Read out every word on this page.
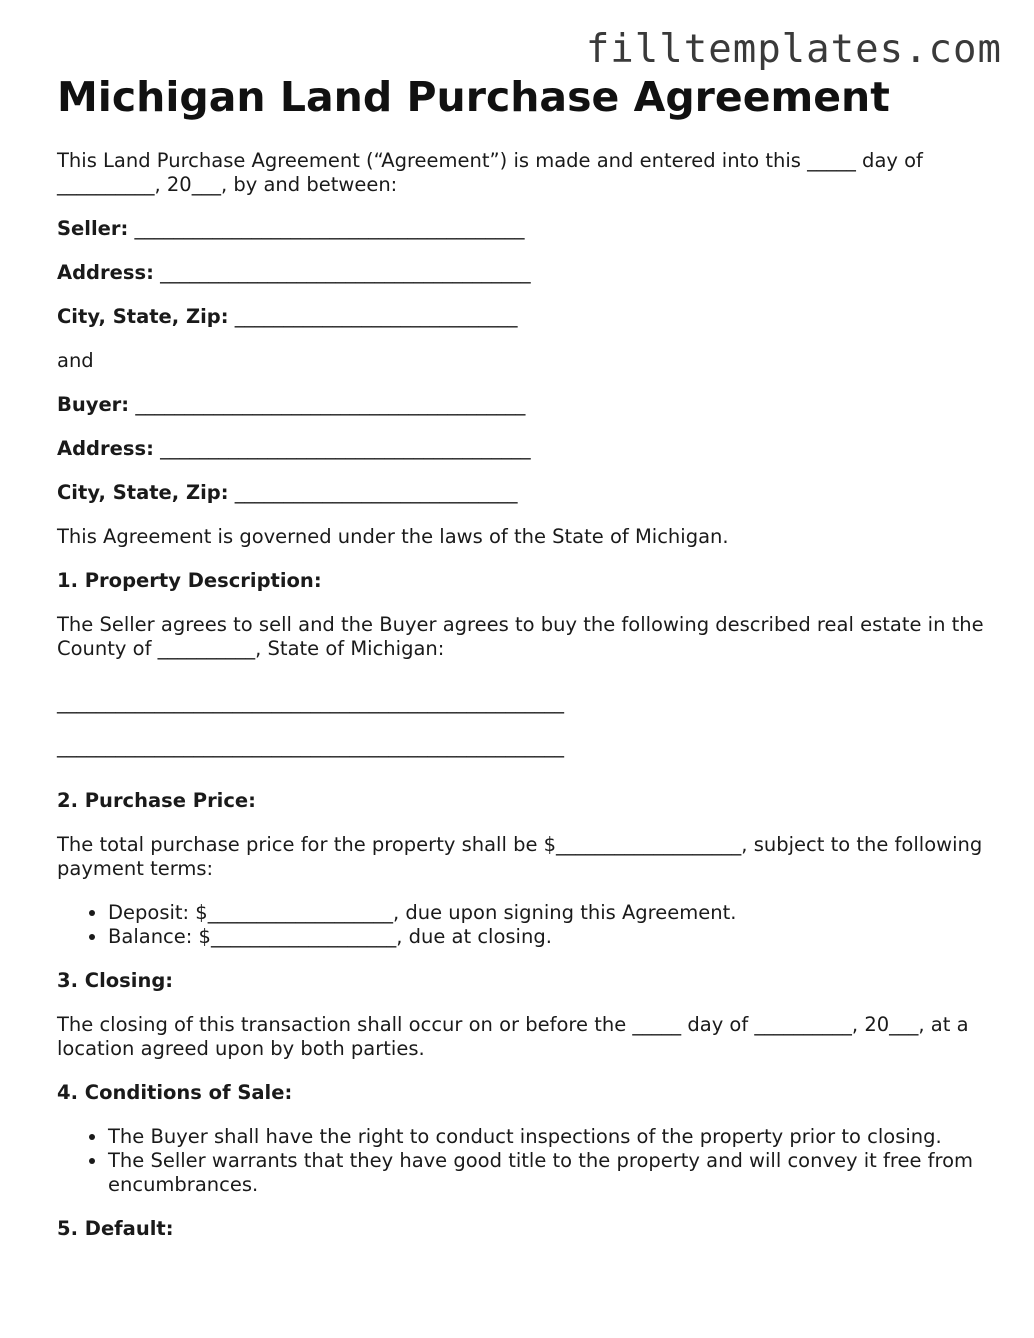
filltemplates.com
Michigan Land Purchase Agreement

This Land Purchase Agreement (“Agreement”) is made and entered into this _____ day of __________, 20___, by and between:

Seller: ________________________________________

Address: ______________________________________

City, State, Zip: _____________________________

and

Buyer: ________________________________________

Address: ______________________________________

City, State, Zip: _____________________________

This Agreement is governed under the laws of the State of Michigan.

1. Property Description:

The Seller agrees to sell and the Buyer agrees to buy the following described real estate in the County of __________, State of Michigan:

____________________________________________________

____________________________________________________

2. Purchase Price:

The total purchase price for the property shall be $___________________, subject to the following payment terms:

• Deposit: $___________________, due upon signing this Agreement.
• Balance: $___________________, due at closing.

3. Closing:

The closing of this transaction shall occur on or before the _____ day of __________, 20___, at a location agreed upon by both parties.

4. Conditions of Sale:

• The Buyer shall have the right to conduct inspections of the property prior to closing.
• The Seller warrants that they have good title to the property and will convey it free from encumbrances.

5. Default:
